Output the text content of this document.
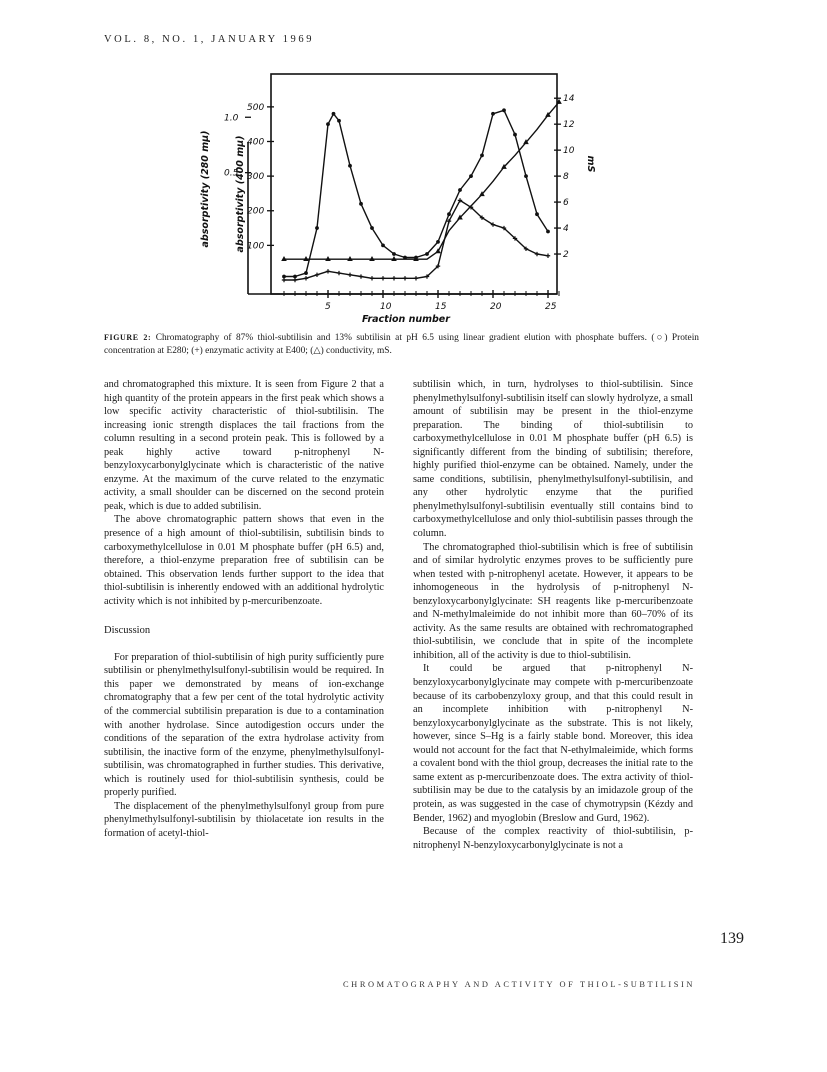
VOL. 8, NO. 1, JANUARY 1969
5	10	15	20	25
Fraction number
100
200
300
400
500
absorptivity (400 mμ)
0.5
1.0
absorptivity (280 mμ)
2
4
6
8
10
12
14
mS
FIGURE 2: Chromatography of 87% thiol-subtilisin and 13% subtilisin at pH 6.5 using linear gradient elution with phosphate buffers. (○) Protein concentration at E280; (+) enzymatic activity at E400; (△) conductivity, mS.

and chromatographed this mixture. It is seen from Figure 2 that a high quantity of the protein appears in the first peak which shows a low specific activity characteristic of thiol-subtilisin. The increasing ionic strength displaces the tail fractions from the column resulting in a second protein peak. This is followed by a peak highly active toward p-nitrophenyl N-benzyloxycarbonylglycinate which is characteristic of the native enzyme. At the maximum of the curve related to the enzymatic activity, a small shoulder can be discerned on the second protein peak, which is due to added subtilisin.

The above chromatographic pattern shows that even in the presence of a high amount of thiol-subtilisin, subtilisin binds to carboxymethylcellulose in 0.01 M phosphate buffer (pH 6.5) and, therefore, a thiol-enzyme preparation free of subtilisin can be obtained. This observation lends further support to the idea that thiol-subtilisin is inherently endowed with an additional hydrolytic activity which is not inhibited by p-mercuribenzoate.

Discussion

For preparation of thiol-subtilisin of high purity sufficiently pure subtilisin or phenylmethylsulfonyl-subtilisin would be required. In this paper we demonstrated by means of ion-exchange chromatography that a few per cent of the total hydrolytic activity of the commercial subtilisin preparation is due to a contamination with another hydrolase. Since autodigestion occurs under the conditions of the separation of the extra hydrolase activity from subtilisin, the inactive form of the enzyme, phenylmethylsulfonyl-subtilisin, was chromatographed in further studies. This derivative, which is routinely used for thiol-subtilisin synthesis, could be properly purified.

The displacement of the phenylmethylsulfonyl group from pure phenylmethylsulfonyl-subtilisin by thiolacetate ion results in the formation of acetyl-thiol-

subtilisin which, in turn, hydrolyses to thiol-subtilisin. Since phenylmethylsulfonyl-subtilisin itself can slowly hydrolyze, a small amount of subtilisin may be present in the thiol-enzyme preparation. The binding of thiol-subtilisin to carboxymethylcellulose in 0.01 M phosphate buffer (pH 6.5) is significantly different from the binding of subtilisin; therefore, highly purified thiol-enzyme can be obtained. Namely, under the same conditions, subtilisin, phenylmethylsulfonyl-subtilisin, and any other hydrolytic enzyme that the purified phenylmethylsulfonyl-subtilisin eventually still contains bind to carboxymethylcellulose and only thiol-subtilisin passes through the column.

The chromatographed thiol-subtilisin which is free of subtilisin and of similar hydrolytic enzymes proves to be sufficiently pure when tested with p-nitrophenyl acetate. However, it appears to be inhomogeneous in the hydrolysis of p-nitrophenyl N-benzyloxycarbonylglycinate: SH reagents like p-mercuribenzoate and N-methylmaleimide do not inhibit more than 60–70% of its activity. As the same results are obtained with rechromatographed thiol-subtilisin, we conclude that in spite of the incomplete inhibition, all of the activity is due to thiol-subtilisin.

It could be argued that p-nitrophenyl N-benzyloxycarbonylglycinate may compete with p-mercuribenzoate because of its carbobenzyloxy group, and that this could result in an incomplete inhibition with p-nitrophenyl N-benzyloxycarbonylglycinate as the substrate. This is not likely, however, since S–Hg is a fairly stable bond. Moreover, this idea would not account for the fact that N-ethylmaleimide, which forms a covalent bond with the thiol group, decreases the initial rate to the same extent as p-mercuribenzoate does. The extra activity of thiol-subtilisin may be due to the catalysis by an imidazole group of the protein, as was suggested in the case of chymotrypsin (Kézdy and Bender, 1962) and myoglobin (Breslow and Gurd, 1962).

Because of the complex reactivity of thiol-subtilisin, p-nitrophenyl N-benzyloxycarbonylglycinate is not a

139
CHROMATOGRAPHY AND ACTIVITY OF THIOL-SUBTILISIN
